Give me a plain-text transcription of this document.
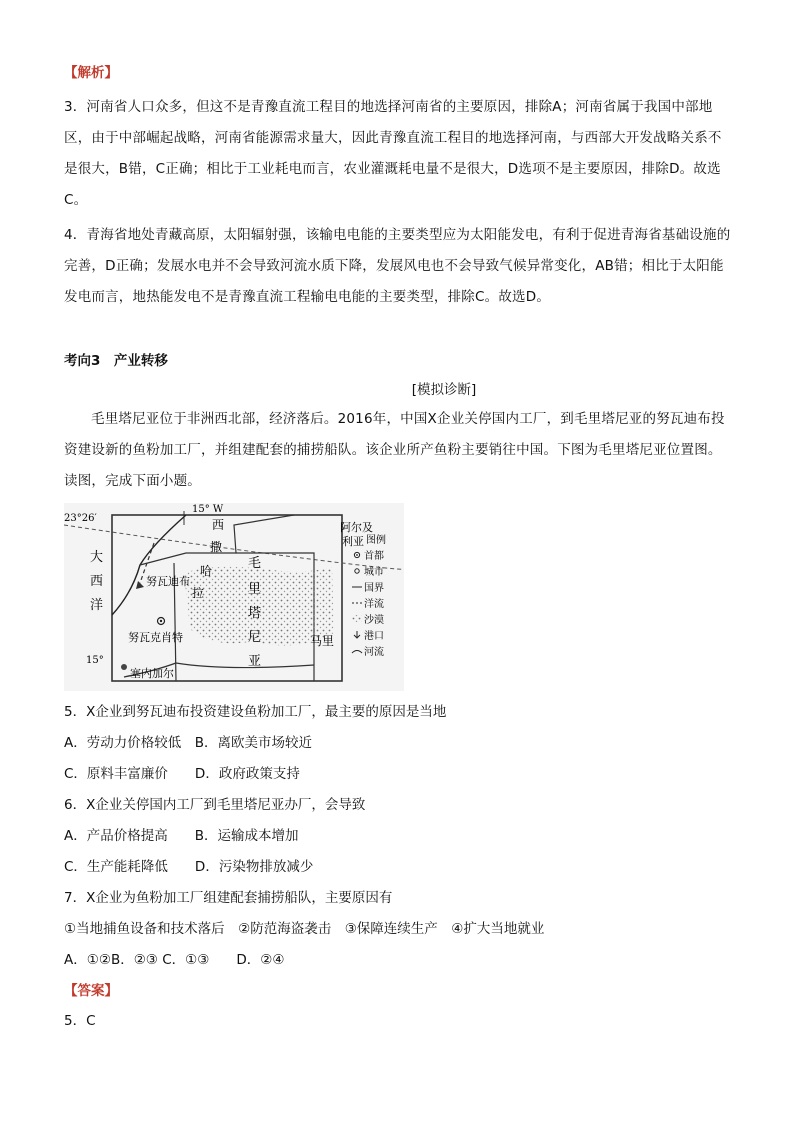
【解析】
3．河南省人口众多，但这不是青豫直流工程目的地选择河南省的主要原因，排除A；河南省属于我国中部地区，由于中部崛起战略，河南省能源需求量大，因此青豫直流工程目的地选择河南，与西部大开发战略关系不是很大，B错，C正确；相比于工业耗电而言，农业灌溉耗电量不是很大，D选项不是主要原因，排除D。故选C。
4．青海省地处青藏高原，太阳辐射强，该输电电能的主要类型应为太阳能发电，有利于促进青海省基础设施的完善，D正确；发展水电并不会导致河流水质下降，发展风电也不会导致气候异常变化，AB错；相比于太阳能发电而言，地热能发电不是青豫直流工程输电电能的主要类型，排除C。故选D。
考向3　产业转移
[模拟诊断]
毛里塔尼亚位于非洲西北部，经济落后。2016年，中国X企业关停国内工厂，到毛里塔尼亚的努瓦迪布投资建设新的鱼粉加工厂，并组建配套的捕捞船队。该企业所产鱼粉主要销往中国。下图为毛里塔尼亚位置图。读图，完成下面小题。
23°26′
15° W
15°
大
西
洋
西
撒
哈
拉
阿尔及
利亚
毛
里
塔
尼
亚
马里
努瓦迪布
努瓦克肖特
塞内加尔
图例
首都
城市
国界
洋流
沙漠
港口
河流
5．X企业到努瓦迪布投资建设鱼粉加工厂，最主要的原因是当地
A．劳动力价格较低　B．离欧美市场较近
C．原料丰富廉价　　D．政府政策支持
6．X企业关停国内工厂到毛里塔尼亚办厂，会导致
A．产品价格提高　　B．运输成本增加
C．生产能耗降低　　D．污染物排放减少
7．X企业为鱼粉加工厂组建配套捕捞船队，主要原因有
①当地捕鱼设备和技术落后　②防范海盗袭击　③保障连续生产　④扩大当地就业
A．①②B．②③ C．①③　　D．②④
【答案】
5．C
